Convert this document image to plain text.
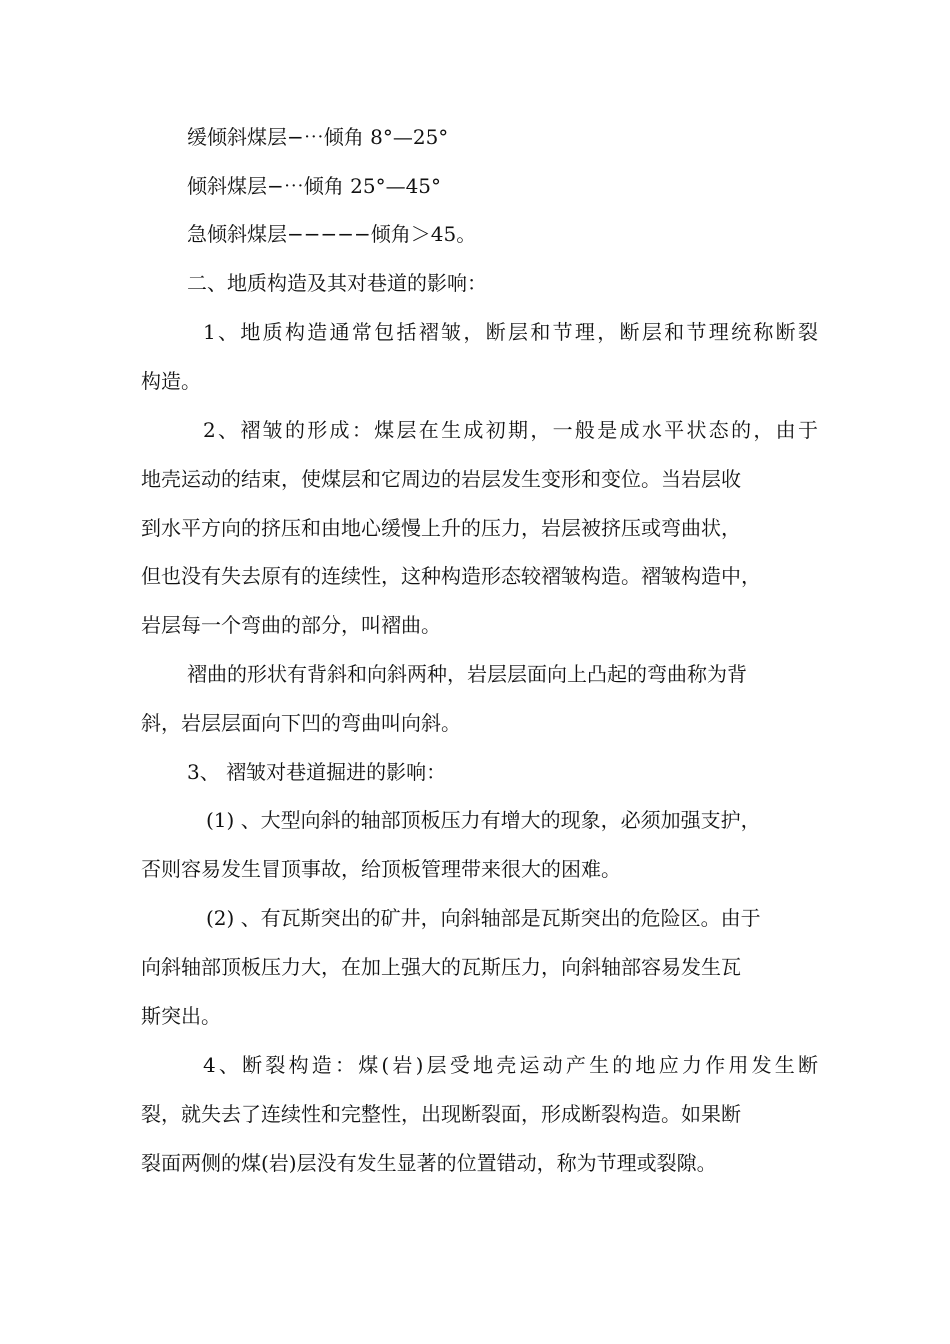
缓倾斜煤层−⋯倾角 8°—25°
倾斜煤层−⋯倾角 25°—45°
急倾斜煤层−−−−−倾角＞45。
二、地质构造及其对巷道的影响：
1、地质构造通常包括褶皱，断层和节理，断层和节理统称断裂
构造。
2、褶皱的形成：煤层在生成初期，一般是成水平状态的，由于
地壳运动的结束，使煤层和它周边的岩层发生变形和变位。当岩层收
到水平方向的挤压和由地心缓慢上升的压力，岩层被挤压或弯曲状，
但也没有失去原有的连续性，这种构造形态较褶皱构造。褶皱构造中，
岩层每一个弯曲的部分，叫褶曲。
褶曲的形状有背斜和向斜两种，岩层层面向上凸起的弯曲称为背
斜，岩层层面向下凹的弯曲叫向斜。
3、 褶皱对巷道掘进的影响：
(1) 、大型向斜的轴部顶板压力有增大的现象，必须加强支护，
否则容易发生冒顶事故，给顶板管理带来很大的困难。
(2) 、有瓦斯突出的矿井，向斜轴部是瓦斯突出的危险区。由于
向斜轴部顶板压力大，在加上强大的瓦斯压力，向斜轴部容易发生瓦
斯突出。
4、断裂构造：煤(岩)层受地壳运动产生的地应力作用发生断
裂，就失去了连续性和完整性，出现断裂面，形成断裂构造。如果断
裂面两侧的煤(岩)层没有发生显著的位置错动，称为节理或裂隙。
